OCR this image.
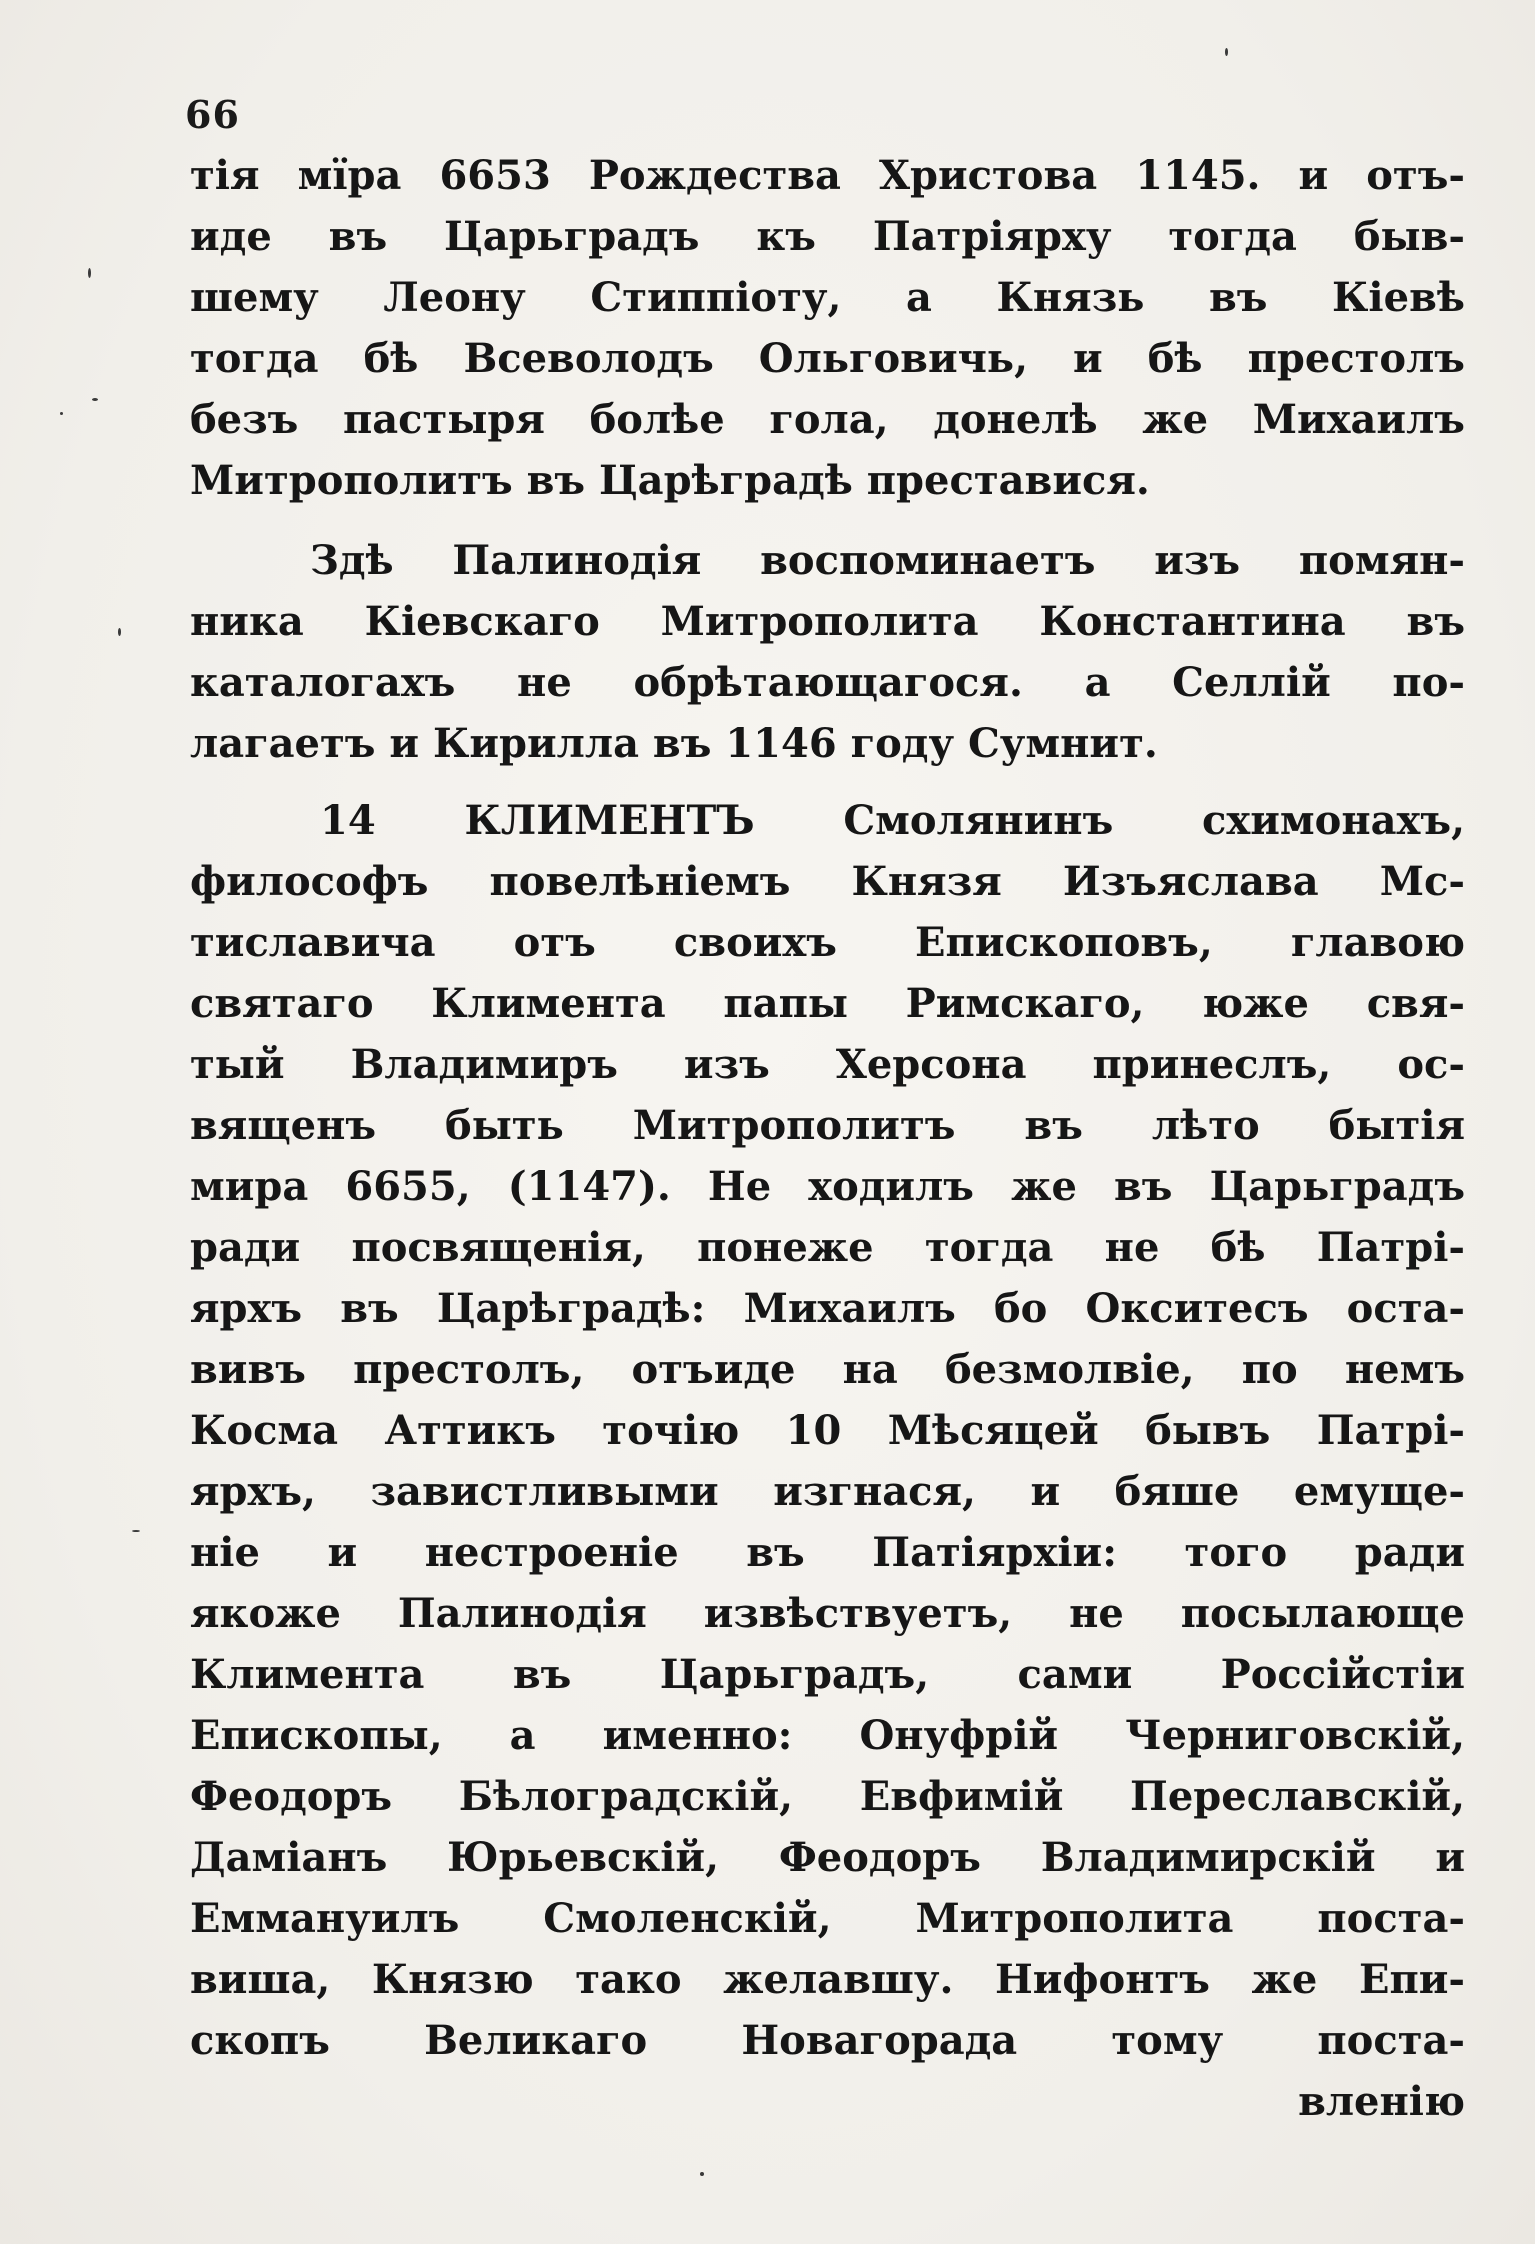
66
тія мїра 6653 Рождества Христова 1145. и отъ-
иде въ Царьградъ къ Патріярху тогда быв-
шему Леону Стиппіоту, а Князь въ Кіевѣ
тогда бѣ Всеволодъ Ольговичь, и бѣ престолъ
безъ пастыря болѣе гола, донелѣ же Михаилъ
Митрополитъ въ Царѣградѣ преставися.
Здѣ Палинодія воспоминаетъ изъ помян-
ника Кіевскаго Митрополита Константина въ
каталогахъ не обрѣтающагося. а Селлій по-
лагаетъ и Кирилла въ 1146 году Сумнит.
14 КЛИМЕНТЪ Смолянинъ схимонахъ,
философъ повелѣніемъ Князя Изъяслава Мс-
тиславича отъ своихъ Епископовъ, главою
святаго Климента папы Римскаго, юже свя-
тый Владимиръ изъ Херсона принеслъ, ос-
вященъ быть Митрополитъ въ лѣто бытія
мира 6655, (1147). Не ходилъ же въ Царьградъ
ради посвященія, понеже тогда не бѣ Патрі-
ярхъ въ Царѣградѣ: Михаилъ бо Окситесъ оста-
вивъ престолъ, отъиде на безмолвіе, по немъ
Косма Аттикъ точію 10 Мѣсяцей бывъ Патрі-
ярхъ, завистливыми изгнася, и бяше емуще-
ніе и нестроеніе въ Патіярхіи: того ради
якоже Палинодія извѣствуетъ, не посылающе
Климента въ Царьградъ, сами Россійстіи
Епископы, а именно: Онуфрій Черниговскій,
Феодоръ Бѣлоградскій, Евфимій Переславскій,
Даміанъ Юрьевскій, Феодоръ Владимирскій и
Еммануилъ Смоленскій, Митрополита постa-
виша, Князю тако желавшу. Нифонтъ же Епи-
скопъ Великаго Новагорада тому постa-
вленію
